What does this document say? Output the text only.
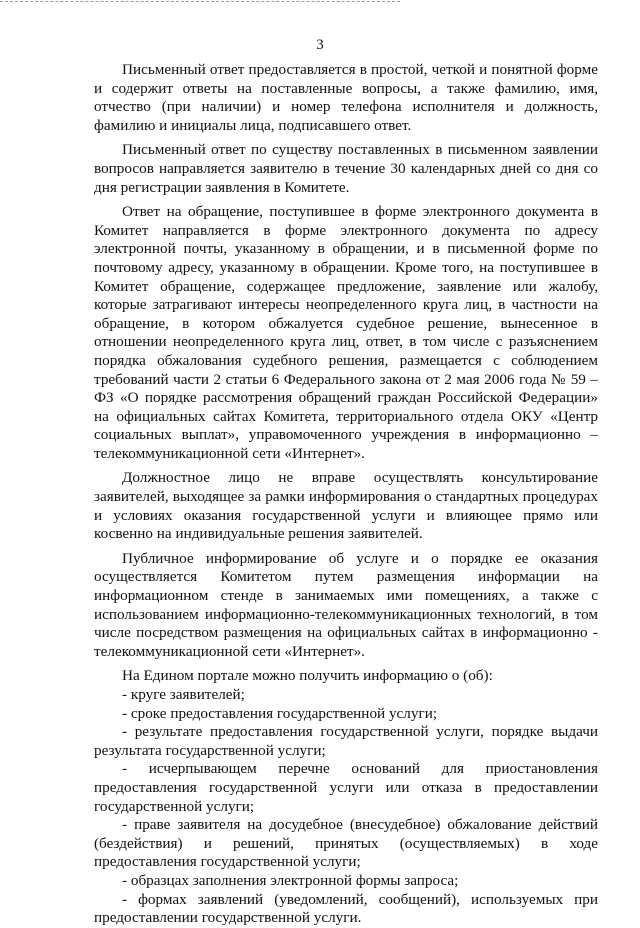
3

Письменный ответ предоставляется в простой, четкой и понятной форме и содержит ответы на поставленные вопросы, а также фамилию, имя, отчество (при наличии) и номер телефона исполнителя и должность, фамилию и инициалы лица, подписавшего ответ.

Письменный ответ по существу поставленных в письменном заявлении вопросов направляется заявителю в течение 30 календарных дней со дня со дня регистрации заявления в Комитете.

Ответ на обращение, поступившее в форме электронного документа в Комитет направляется в форме электронного документа по адресу электронной почты, указанному в обращении, и в письменной форме по почтовому адресу, указанному в обращении. Кроме того, на поступившее в Комитет обращение, содержащее предложение, заявление или жалобу, которые затрагивают интересы неопределенного круга лиц, в частности на обращение, в котором обжалуется судебное решение, вынесенное в отношении неопределенного круга лиц, ответ, в том числе с разъяснением порядка обжалования судебного решения, размещается с соблюдением требований части 2 статьи 6 Федерального закона от 2 мая 2006 года № 59 – ФЗ «О порядке рассмотрения обращений граждан Российской Федерации» на официальных сайтах Комитета, территориального отдела ОКУ «Центр социальных выплат», управомоченного учреждения в информационно – телекоммуникационной сети «Интернет».

Должностное лицо не вправе осуществлять консультирование заявителей, выходящее за рамки информирования о стандартных процедурах и условиях оказания государственной услуги и влияющее прямо или косвенно на индивидуальные решения заявителей.

Публичное информирование об услуге и о порядке ее оказания осуществляется Комитетом путем размещения информации на информационном стенде в занимаемых ими помещениях, а также с использованием информационно-телекоммуникационных технологий, в том числе посредством размещения на официальных сайтах в информационно - телекоммуникационной сети «Интернет».

На Едином портале можно получить информацию о (об):

- круге заявителей;
- сроке предоставления государственной услуги;
- результате предоставления государственной услуги, порядке выдачи результата государственной услуги;
- исчерпывающем перечне оснований для приостановления предоставления государственной услуги или отказа в предоставлении государственной услуги;
- праве заявителя на досудебное (внесудебное) обжалование действий (бездействия) и решений, принятых (осуществляемых) в ходе предоставления государственной услуги;
- образцах заполнения электронной формы запроса;
- формах заявлений (уведомлений, сообщений), используемых при предоставлении государственной услуги.
